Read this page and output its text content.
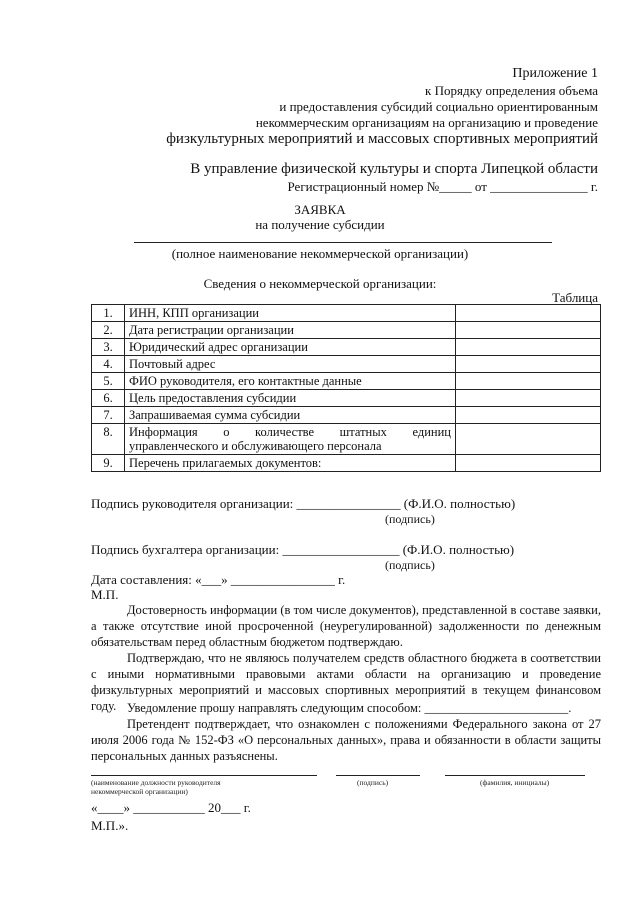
Приложение 1
к Порядку определения объема
и предоставления субсидий социально ориентированным
некоммерческим организациям на организацию и проведение
физкультурных мероприятий и массовых спортивных мероприятий
В управление физической культуры и спорта Липецкой области
Регистрационный номер №_____ от _______________ г.
ЗАЯВКА
на получение субсидии
(полное наименование некоммерческой организации)
Сведения о некоммерческой организации:
Таблица
1.	ИНН, КПП организации	
2.	Дата регистрации организации	
3.	Юридический адрес организации	
4.	Почтовый адрес	
5.	ФИО руководителя, его контактные данные	
6.	Цель предоставления субсидии	
7.	Запрашиваемая сумма субсидии	
8.	Информация о количестве штатных единиц
управленческого и обслуживающего персонала	

9.	Перечень прилагаемых документов:	
Подпись руководителя организации: ________________ (Ф.И.О. полностью)
(подпись)
Подпись бухгалтера организации: __________________ (Ф.И.О. полностью)
(подпись)
Дата составления: «___» ________________ г.
М.П.

Достоверность информации (в том числе документов), представленной в составе заявки, а также отсутствие иной просроченной (неурегулированной) задолженности по денежным обязательствам перед областным бюджетом подтверждаю.

Подтверждаю, что не являюсь получателем средств областного бюджета в соответствии с иными нормативными правовыми актами области на организацию и проведение физкультурных мероприятий и массовых спортивных мероприятий в текущем финансовом году. Уведомление прошу направлять следующим способом: _______________________.

Претендент подтверждает, что ознакомлен с положениями Федерального закона от 27 июля 2006 года № 152-ФЗ «О персональных данных», права и обязанности в области защиты персональных данных разъяснены.

(наименование должности руководителя некоммерческой организации)
(подпись)	(фамилия, инициалы)
«____» ___________ 20___ г.
М.П.».
